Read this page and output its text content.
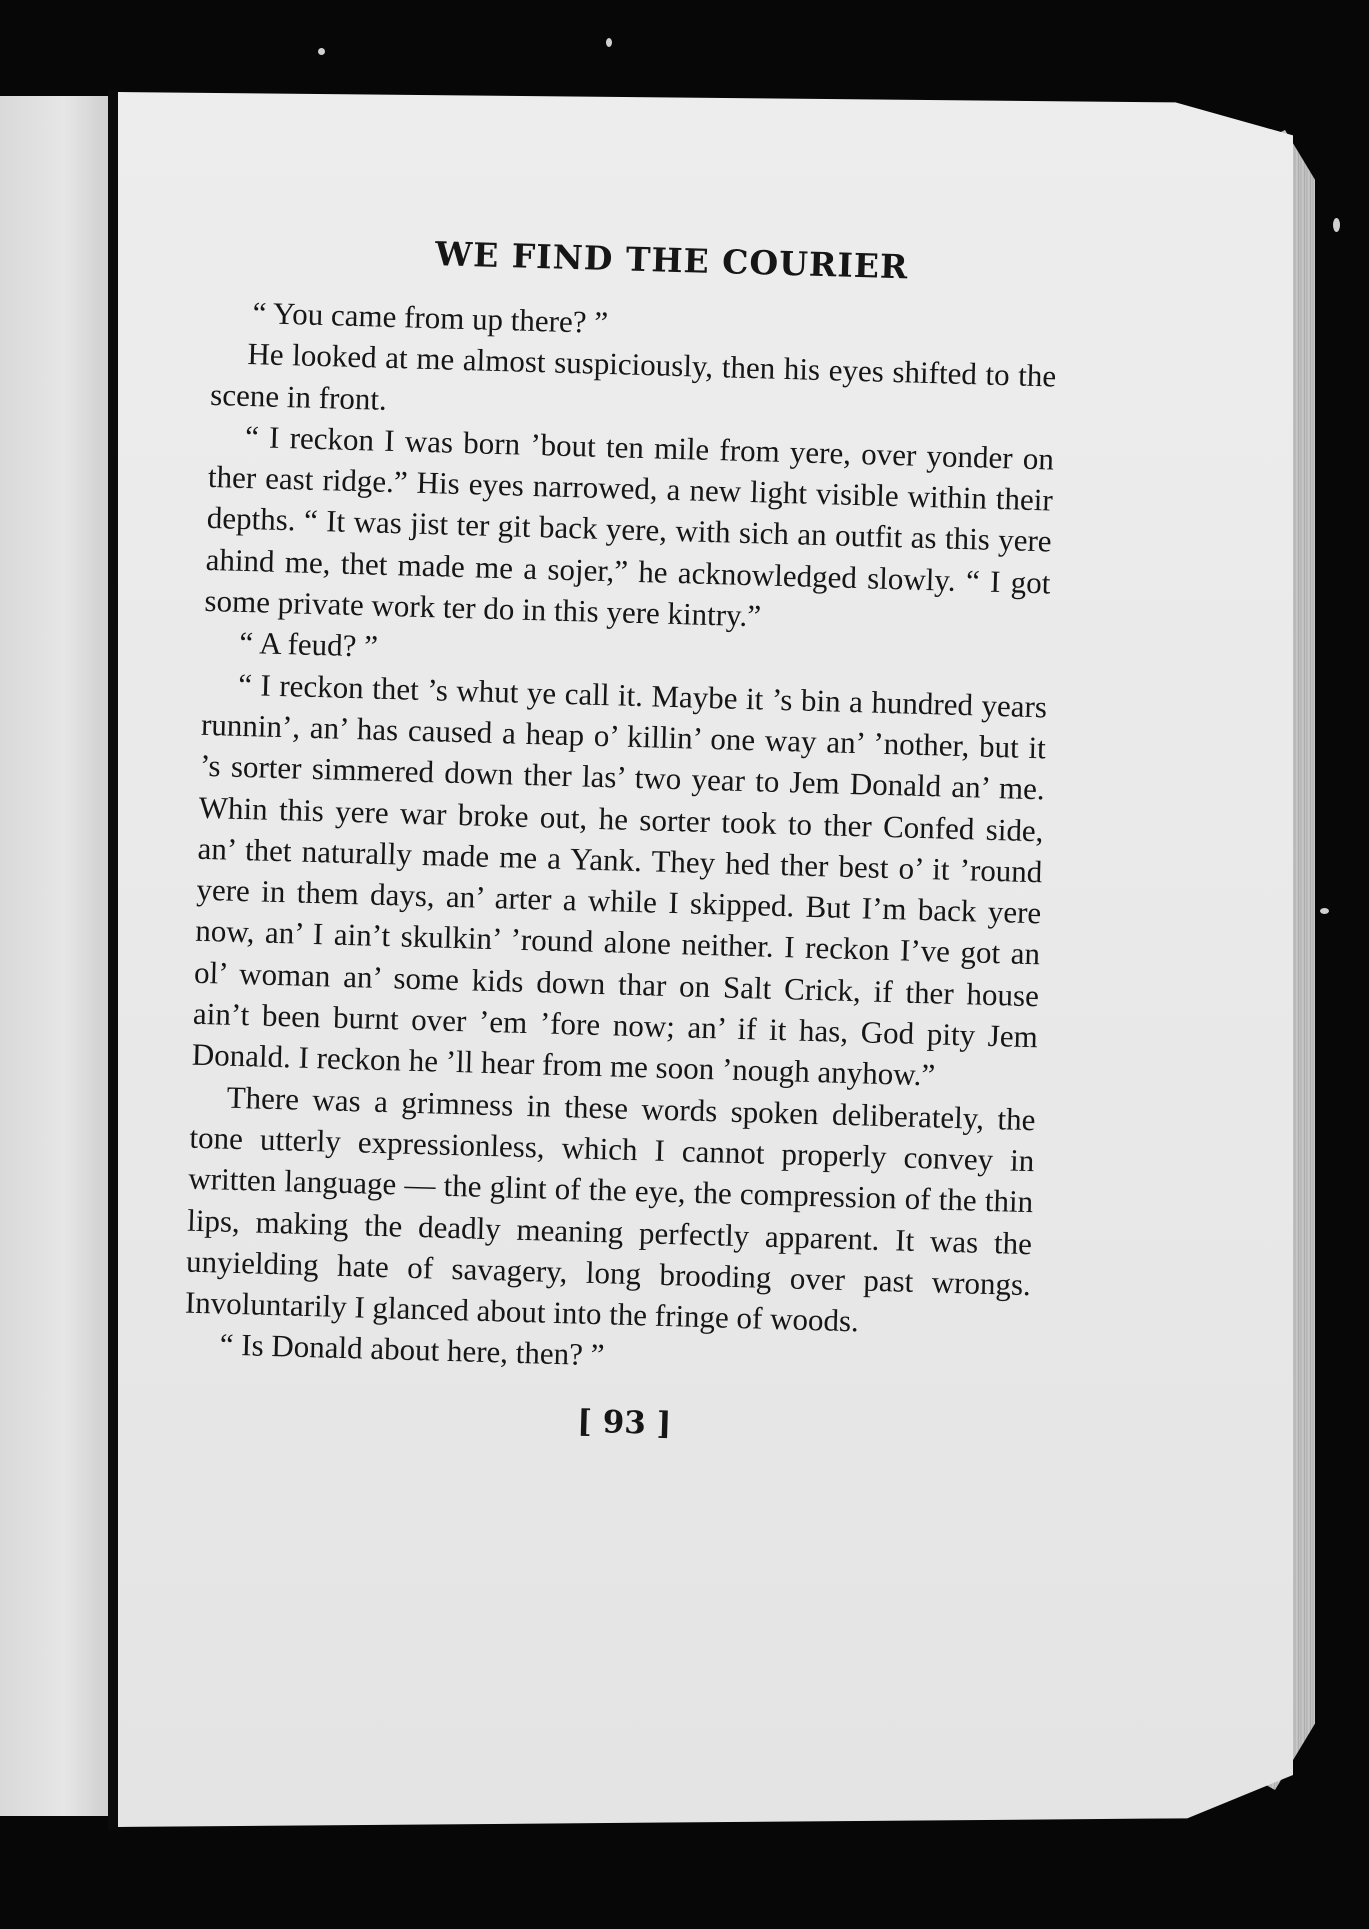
WE FIND THE COURIER

“ You came from up there? ”

He looked at me almost suspiciously, then his eyes shifted to the scene in front.

“ I reckon I was born ’bout ten mile from yere, over yonder on ther east ridge.” His eyes narrowed, a new light visible within their depths. “ It was jist ter git back yere, with sich an outfit as this yere ahind me, thet made me a sojer,” he acknowledged slowly. “ I got some private work ter do in this yere kintry.”

“ A feud? ”

“ I reckon thet ’s whut ye call it. Maybe it ’s bin a hundred years runnin’, an’ has caused a heap o’ killin’ one way an’ ’nother, but it ’s sorter simmered down ther las’ two year to Jem Donald an’ me. Whin this yere war broke out, he sorter took to ther Confed side, an’ thet naturally made me a Yank. They hed ther best o’ it ’round yere in them days, an’ arter a while I skipped. But I’m back yere now, an’ I ain’t skulkin’ ’round alone neither. I reckon I’ve got an ol’ woman an’ some kids down thar on Salt Crick, if ther house ain’t been burnt over ’em ’fore now; an’ if it has, God pity Jem Donald. I reckon he ’ll hear from me soon ’nough anyhow.”

There was a grimness in these words spoken deliberately, the tone utterly expressionless, which I cannot properly convey in written language — the glint of the eye, the compression of the thin lips, making the deadly meaning perfectly apparent. It was the unyielding hate of savagery, long brooding over past wrongs. Involuntarily I glanced about into the fringe of woods.

“ Is Donald about here, then? ”

[ 93 ]
